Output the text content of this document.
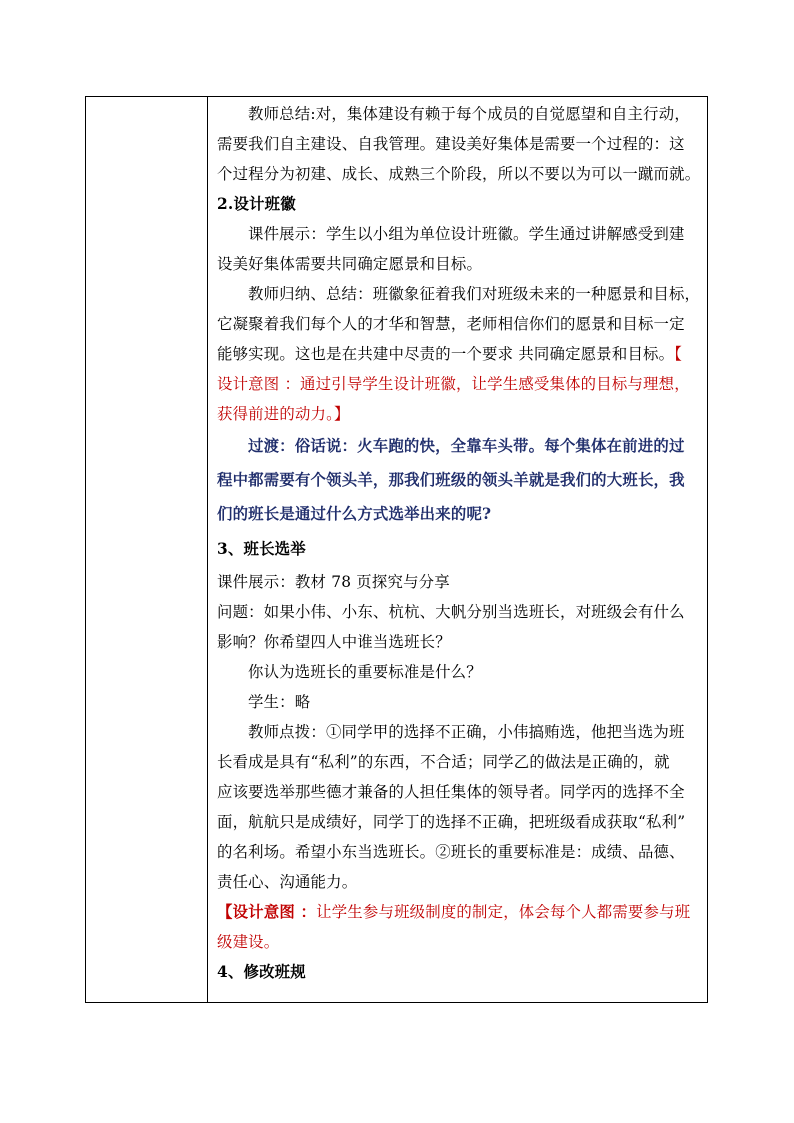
教师总结:对，集体建设有赖于每个成员的自觉愿望和自主行动，
需要我们自主建设、自我管理。建设美好集体是需要一个过程的：这
个过程分为初建、成长、成熟三个阶段，所以不要以为可以一蹴而就。
2.设计班徽
课件展示：学生以小组为单位设计班徽。学生通过讲解感受到建
设美好集体需要共同确定愿景和目标。
教师归纳、总结：班徽象征着我们对班级未来的一种愿景和目标，
它凝聚着我们每个人的才华和智慧，老师相信你们的愿景和目标一定
能够实现。这也是在共建中尽责的一个要求 共同确定愿景和目标。【
设计意图 ：通过引导学生设计班徽，让学生感受集体的目标与理想，
获得前进的动力。】
过渡：俗话说：火车跑的快，全靠车头带。每个集体在前进的过
程中都需要有个领头羊，那我们班级的领头羊就是我们的大班长，我
们的班长是通过什么方式选举出来的呢?
3、班长选举
课件展示：教材 78 页探究与分享
问题：如果小伟、小东、杭杭、大帆分别当选班长，对班级会有什么
影响？你希望四人中谁当选班长？
你认为选班长的重要标准是什么？
学生：略
教师点拨：①同学甲的选择不正确，小伟搞贿选，他把当选为班
长看成是具有“私利”的东西，不合适；同学乙的做法是正确的，就
应该要选举那些德才兼备的人担任集体的领导者。同学丙的选择不全
面，航航只是成绩好，同学丁的选择不正确，把班级看成获取“私利”
的名利场。希望小东当选班长。②班长的重要标准是：成绩、品德、
责任心、沟通能力。
【设计意图 ：让学生参与班级制度的制定，体会每个人都需要参与班
级建设。
4、修改班规
